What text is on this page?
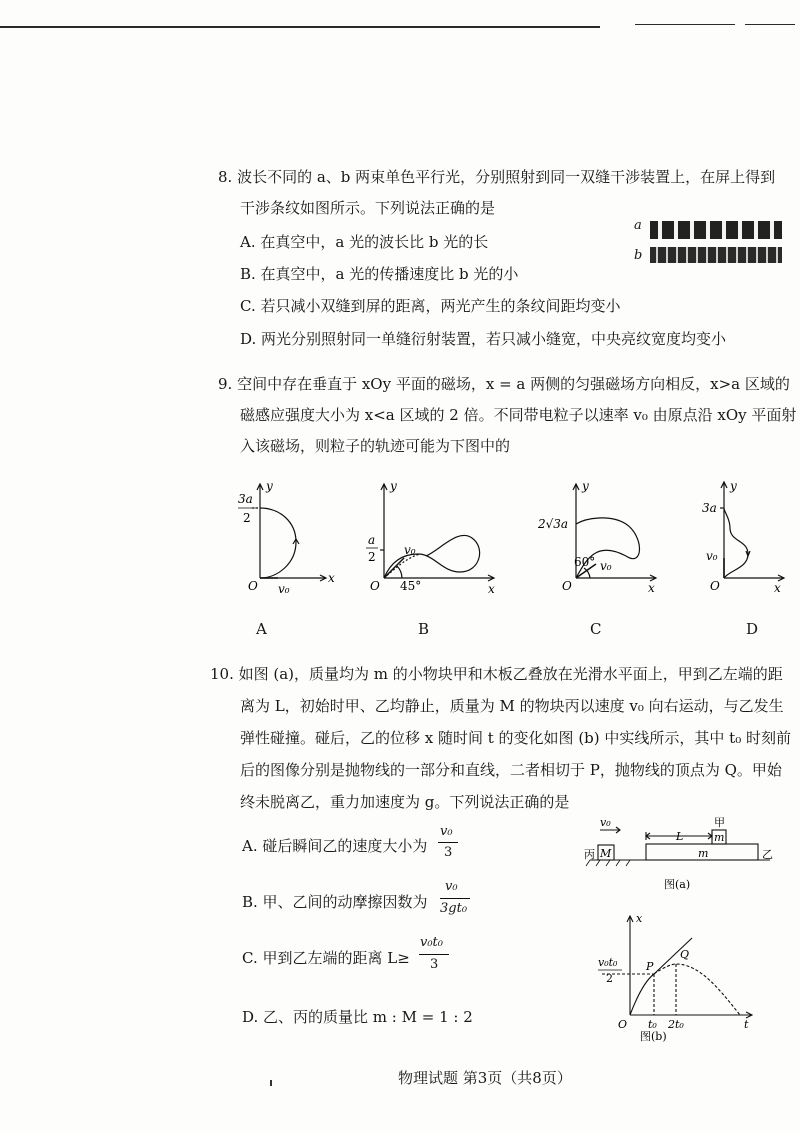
8. 波长不同的 a、b 两束单色平行光，分别照射到同一双缝干涉装置上，在屏上得到
干涉条纹如图所示。下列说法正确的是
A. 在真空中，a 光的波长比 b 光的长
B. 在真空中，a 光的传播速度比 b 光的小
C. 若只减小双缝到屏的距离，两光产生的条纹间距均变小
D. 两光分别照射同一单缝衍射装置，若只减小缝宽，中央亮纹宽度均变小
a
b
9. 空间中存在垂直于 xOy 平面的磁场，x = a 两侧的匀强磁场方向相反，x>a 区域的
磁感应强度大小为 x<a 区域的 2 倍。不同带电粒子以速率 v₀ 由原点沿 xOy 平面射
入该磁场，则粒子的轨迹可能为下图中的
y
x
O
3a
2
v₀
A
y
x
O
a
2 v₀
45°
B
y
x
O
2√3a
v₀
60°
C
y
x
O
3a
v₀
D
10. 如图 (a)，质量均为 m 的小物块甲和木板乙叠放在光滑水平面上，甲到乙左端的距
离为 L，初始时甲、乙均静止，质量为 M 的物块丙以速度 v₀ 向右运动，与乙发生
弹性碰撞。碰后，乙的位移 x 随时间 t 的变化如图 (b) 中实线所示，其中 t₀ 时刻前
后的图像分别是抛物线的一部分和直线，二者相切于 P，抛物线的顶点为 Q。甲始
终未脱离乙，重力加速度为 g。下列说法正确的是
A. 碰后瞬间乙的速度大小为
v₀
3
B. 甲、乙间的动摩擦因数为
v₀
3gt₀
C. 甲到乙左端的距离 L≥
v₀t₀
3
D. 乙、丙的质量比 m : M = 1 : 2
v₀
L
甲
m
丙 M	m	乙
图(a)
x
t
O
v₀t₀
2
P
Q
t₀ 2t₀
图(b)
物理试题 第3页（共8页）
